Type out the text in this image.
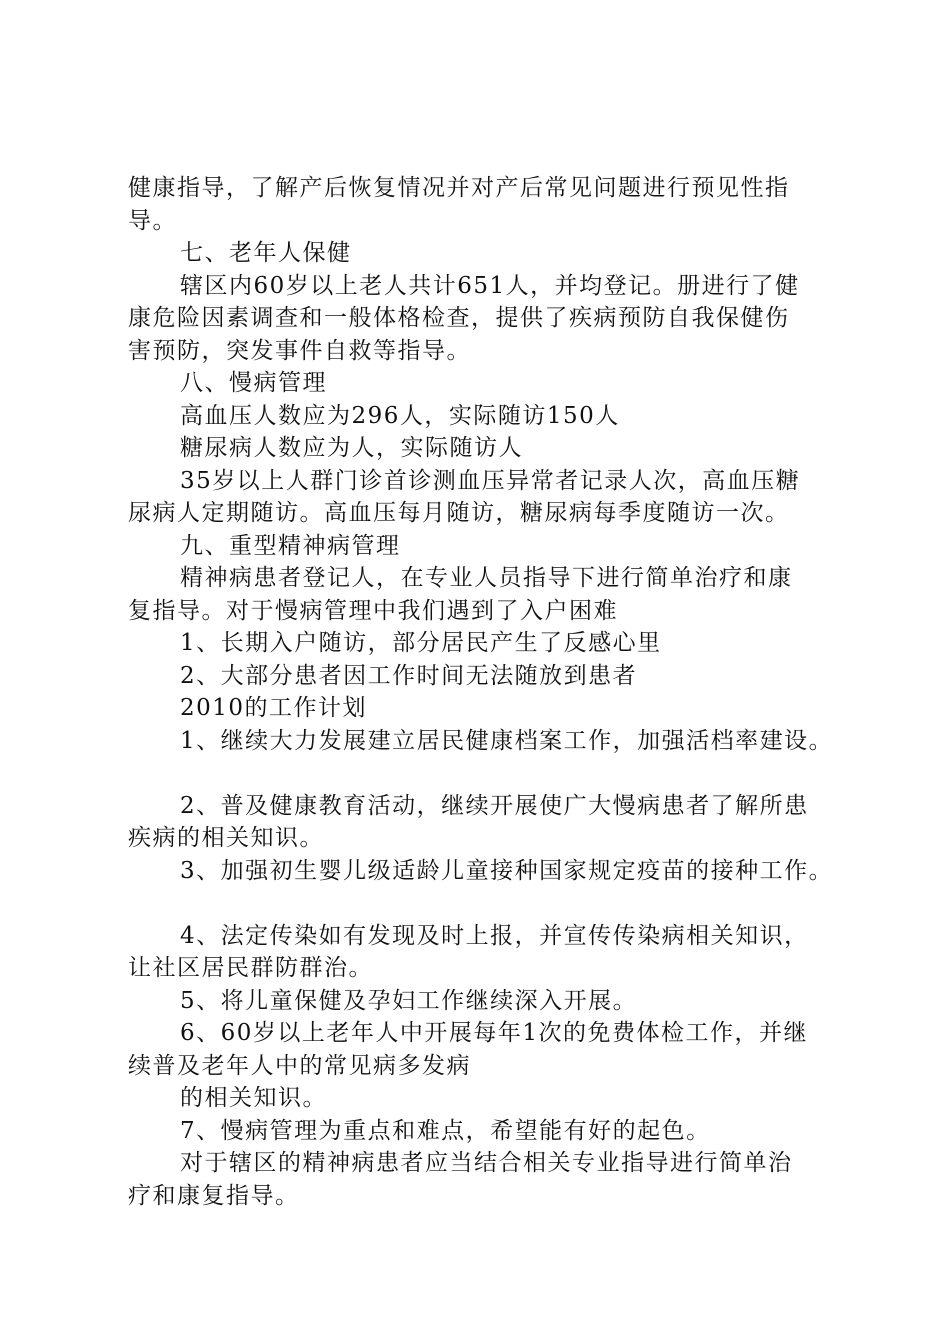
健康指导，了解产后恢复情况并对产后常见问题进行预见性指
导。
七、老年人保健
辖区内60岁以上老人共计651人，并均登记。册进行了健
康危险因素调查和一般体格检查，提供了疾病预防自我保健伤
害预防，突发事件自救等指导。
八、慢病管理
高血压人数应为296人，实际随访150人
糖尿病人数应为人，实际随访人
35岁以上人群门诊首诊测血压异常者记录人次，高血压糖
尿病人定期随访。高血压每月随访，糖尿病每季度随访一次。
九、重型精神病管理
精神病患者登记人，在专业人员指导下进行简单治疗和康
复指导。对于慢病管理中我们遇到了入户困难
1、长期入户随访，部分居民产生了反感心里
2、大部分患者因工作时间无法随放到患者
2010的工作计划
1、继续大力发展建立居民健康档案工作，加强活档率建设。
2、普及健康教育活动，继续开展使广大慢病患者了解所患
疾病的相关知识。
3、加强初生婴儿级适龄儿童接种国家规定疫苗的接种工作。
4、法定传染如有发现及时上报，并宣传传染病相关知识，
让社区居民群防群治。
5、将儿童保健及孕妇工作继续深入开展。
6、60岁以上老年人中开展每年1次的免费体检工作，并继
续普及老年人中的常见病多发病
的相关知识。
7、慢病管理为重点和难点，希望能有好的起色。
对于辖区的精神病患者应当结合相关专业指导进行简单治
疗和康复指导。
